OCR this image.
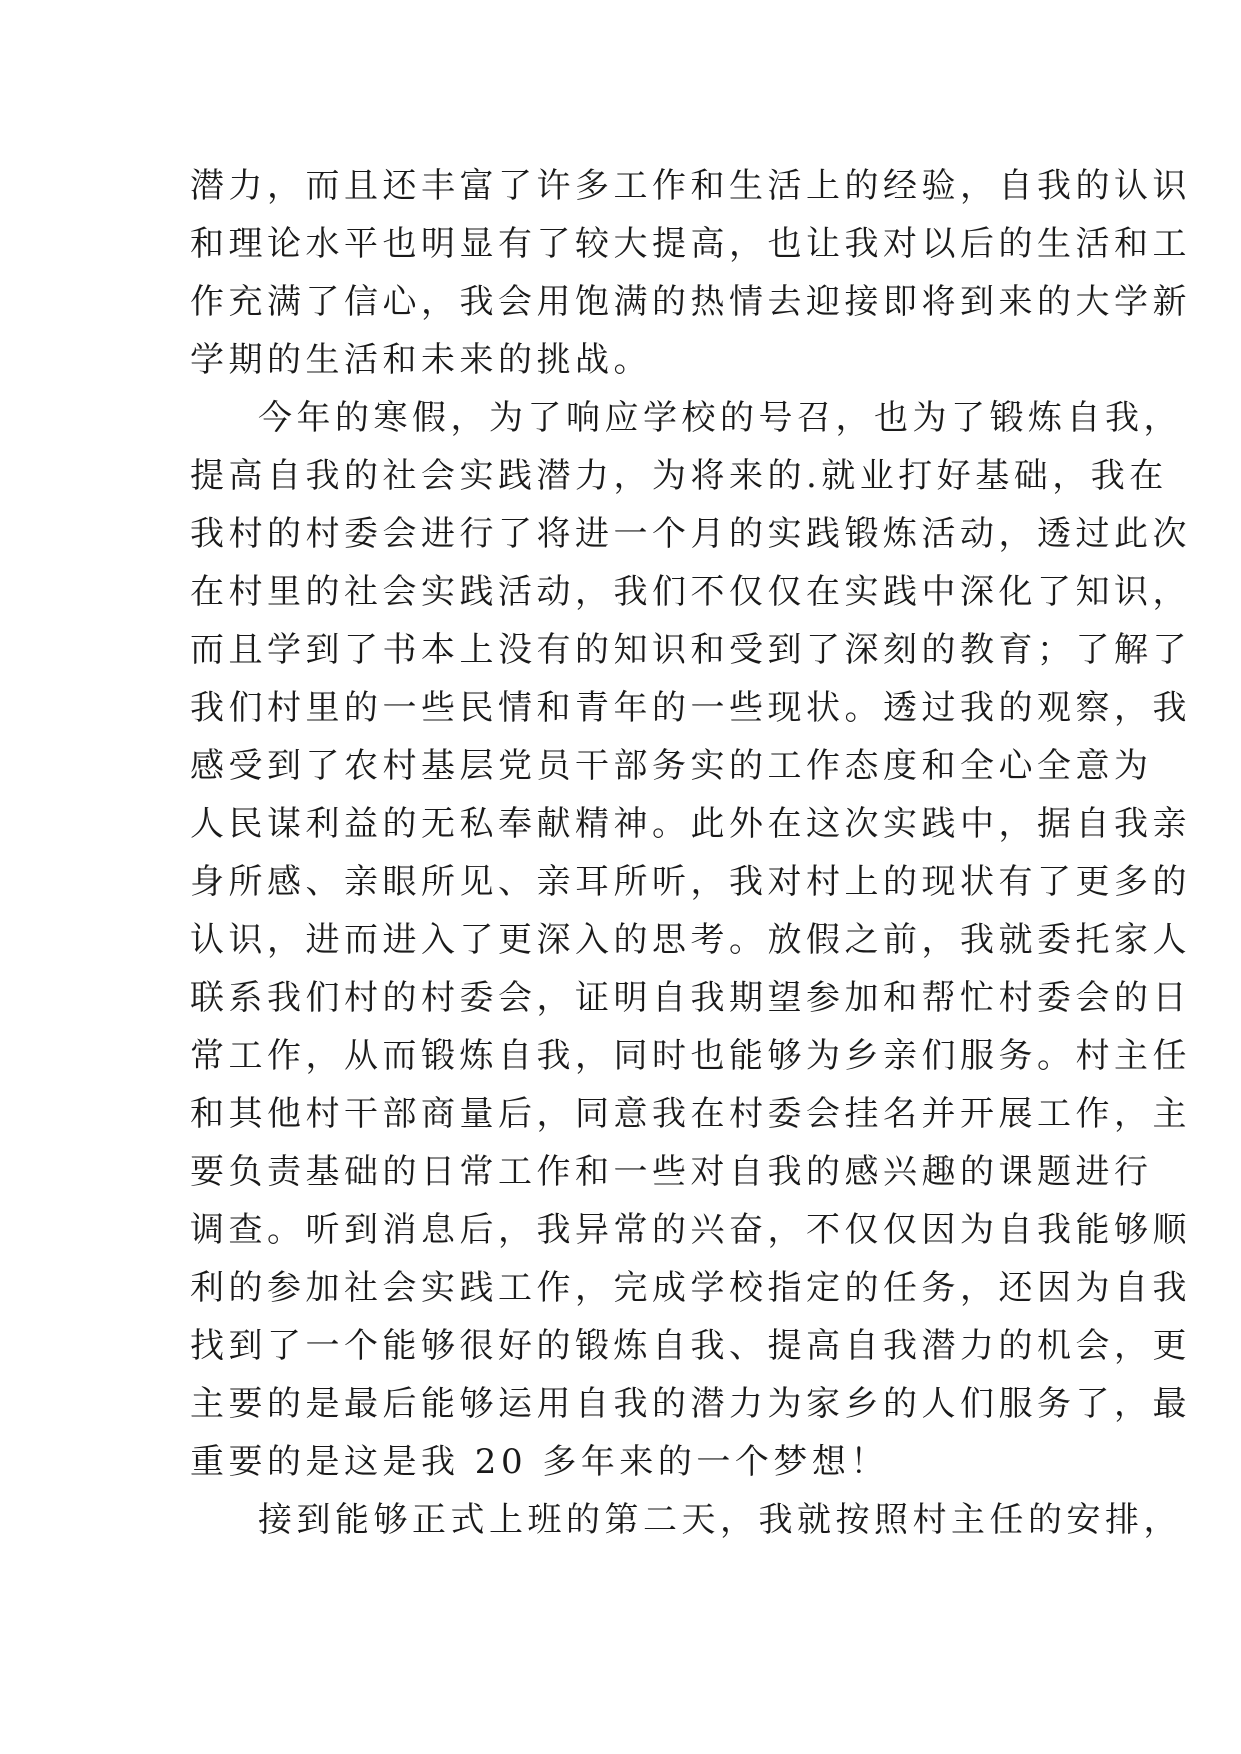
潜力，而且还丰富了许多工作和生活上的经验，自我的认识
和理论水平也明显有了较大提高，也让我对以后的生活和工
作充满了信心，我会用饱满的热情去迎接即将到来的大学新
学期的生活和未来的挑战。
今年的寒假，为了响应学校的号召，也为了锻炼自我，
提高自我的社会实践潜力，为将来的.就业打好基础，我在
我村的村委会进行了将进一个月的实践锻炼活动，透过此次
在村里的社会实践活动，我们不仅仅在实践中深化了知识，
而且学到了书本上没有的知识和受到了深刻的教育；了解了
我们村里的一些民情和青年的一些现状。透过我的观察，我
感受到了农村基层党员干部务实的工作态度和全心全意为
人民谋利益的无私奉献精神。此外在这次实践中，据自我亲
身所感、亲眼所见、亲耳所听，我对村上的现状有了更多的
认识，进而进入了更深入的思考。放假之前，我就委托家人
联系我们村的村委会，证明自我期望参加和帮忙村委会的日
常工作，从而锻炼自我，同时也能够为乡亲们服务。村主任
和其他村干部商量后，同意我在村委会挂名并开展工作，主
要负责基础的日常工作和一些对自我的感兴趣的课题进行
调查。听到消息后，我异常的兴奋，不仅仅因为自我能够顺
利的参加社会实践工作，完成学校指定的任务，还因为自我
找到了一个能够很好的锻炼自我、提高自我潜力的机会，更
主要的是最后能够运用自我的潜力为家乡的人们服务了，最
重要的是这是我 20 多年来的一个梦想！
接到能够正式上班的第二天，我就按照村主任的安排，
